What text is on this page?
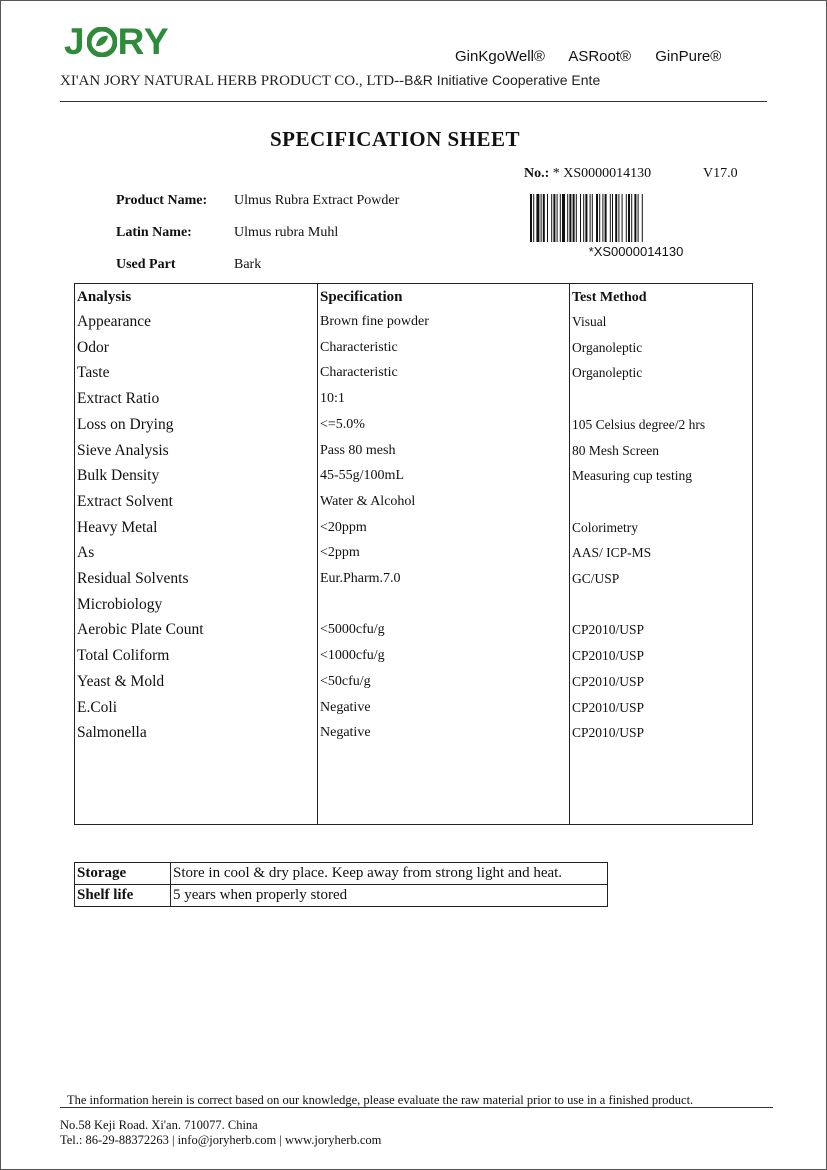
J RY	GinKgoWell® ASRoot® GinPure®
XI'AN JORY NATURAL HERB PRODUCT CO., LTD--B&R Initiative Cooperative Ente
SPECIFICATION SHEET
No.: * XS0000014130	V17.0
*XS0000014130
Product Name: Ulmus Rubra Extract Powder
Latin Name:	Ulmus rubra Muhl
Used Part	Bark
Analysis	Specification	Test Method
Appearance	Brown fine powder	Visual
Odor	Characteristic	Organoleptic
Taste	Characteristic	Organoleptic
Extract Ratio	10:1
Loss on Drying	<=5.0%	105 Celsius degree/2 hrs
Sieve Analysis	Pass 80 mesh	80 Mesh Screen
Bulk Density	45-55g/100mL	Measuring cup testing
Extract Solvent	Water & Alcohol
Heavy Metal	<20ppm	Colorimetry
As	<2ppm	AAS/ ICP-MS
Residual Solvents	Eur.Pharm.7.0	GC/USP
Microbiology
Aerobic Plate Count	<5000cfu/g	CP2010/USP
Total Coliform	<1000cfu/g	CP2010/USP
Yeast & Mold	<50cfu/g	CP2010/USP
E.Coli	Negative	CP2010/USP
Salmonella	Negative	CP2010/USP
Storage	Store in cool & dry place. Keep away from strong light and heat.
Shelf life	5 years when properly stored
The information herein is correct based on our knowledge, please evaluate the raw material prior to use in a finished product.
No.58 Keji Road. Xi'an. 710077. China
Tel.: 86-29-88372263 | info@joryherb.com | www.joryherb.com
